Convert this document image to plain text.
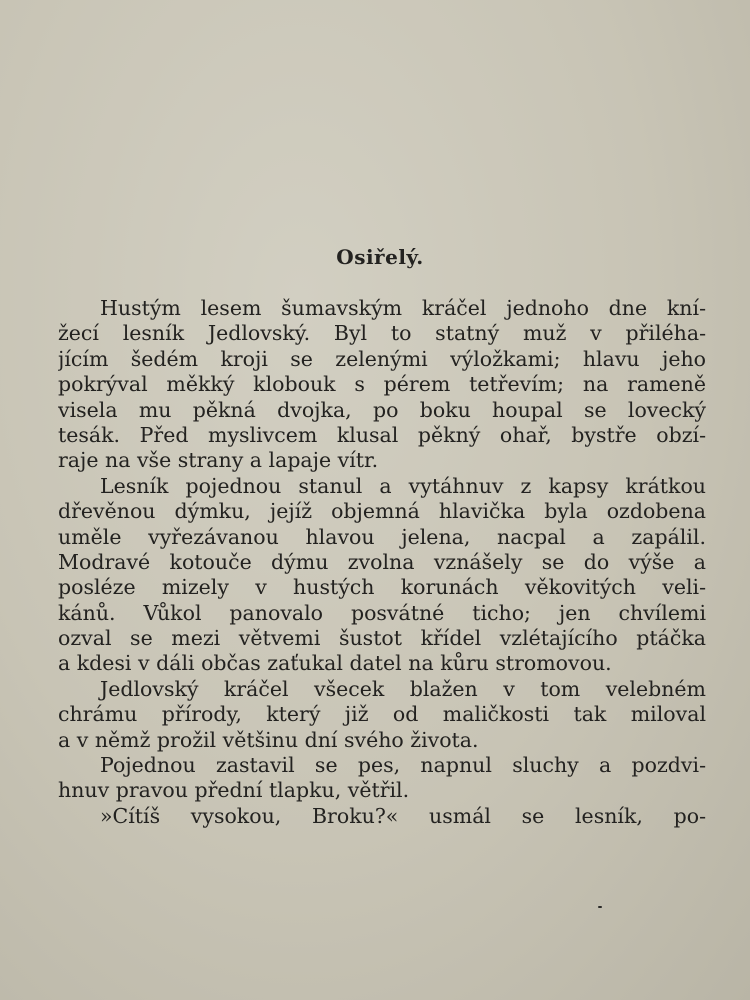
Osiřelý.
Hustým lesem šumavským kráčel jednoho dne kní-
žecí lesník Jedlovský. Byl to statný muž v přiléha-
jícím šedém kroji se zelenými výložkami; hlavu jeho
pokrýval měkký klobouk s pérem tetřevím; na rameně
visela mu pěkná dvojka, po boku houpal se lovecký
tesák. Před myslivcem klusal pěkný ohař, bystře obzí-
raje na vše strany a lapaje vítr.
Lesník pojednou stanul a vytáhnuv z kapsy krátkou
dřevěnou dýmku, jejíž objemná hlavička byla ozdobena
uměle vyřezávanou hlavou jelena, nacpal a zapálil.
Modravé kotouče dýmu zvolna vznášely se do výše a
posléze mizely v hustých korunách věkovitých veli-
kánů. Vůkol panovalo posvátné ticho; jen chvílemi
ozval se mezi větvemi šustot křídel vzlétajícího ptáčka
a kdesi v dáli občas zaťukal datel na kůru stromovou.
Jedlovský kráčel všecek blažen v tom velebném
chrámu přírody, který již od maličkosti tak miloval
a v němž prožil většinu dní svého života.
Pojednou zastavil se pes, napnul sluchy a pozdvi-
hnuv pravou přední tlapku, větřil.
»Cítíš vysokou, Broku?« usmál se lesník, po-
